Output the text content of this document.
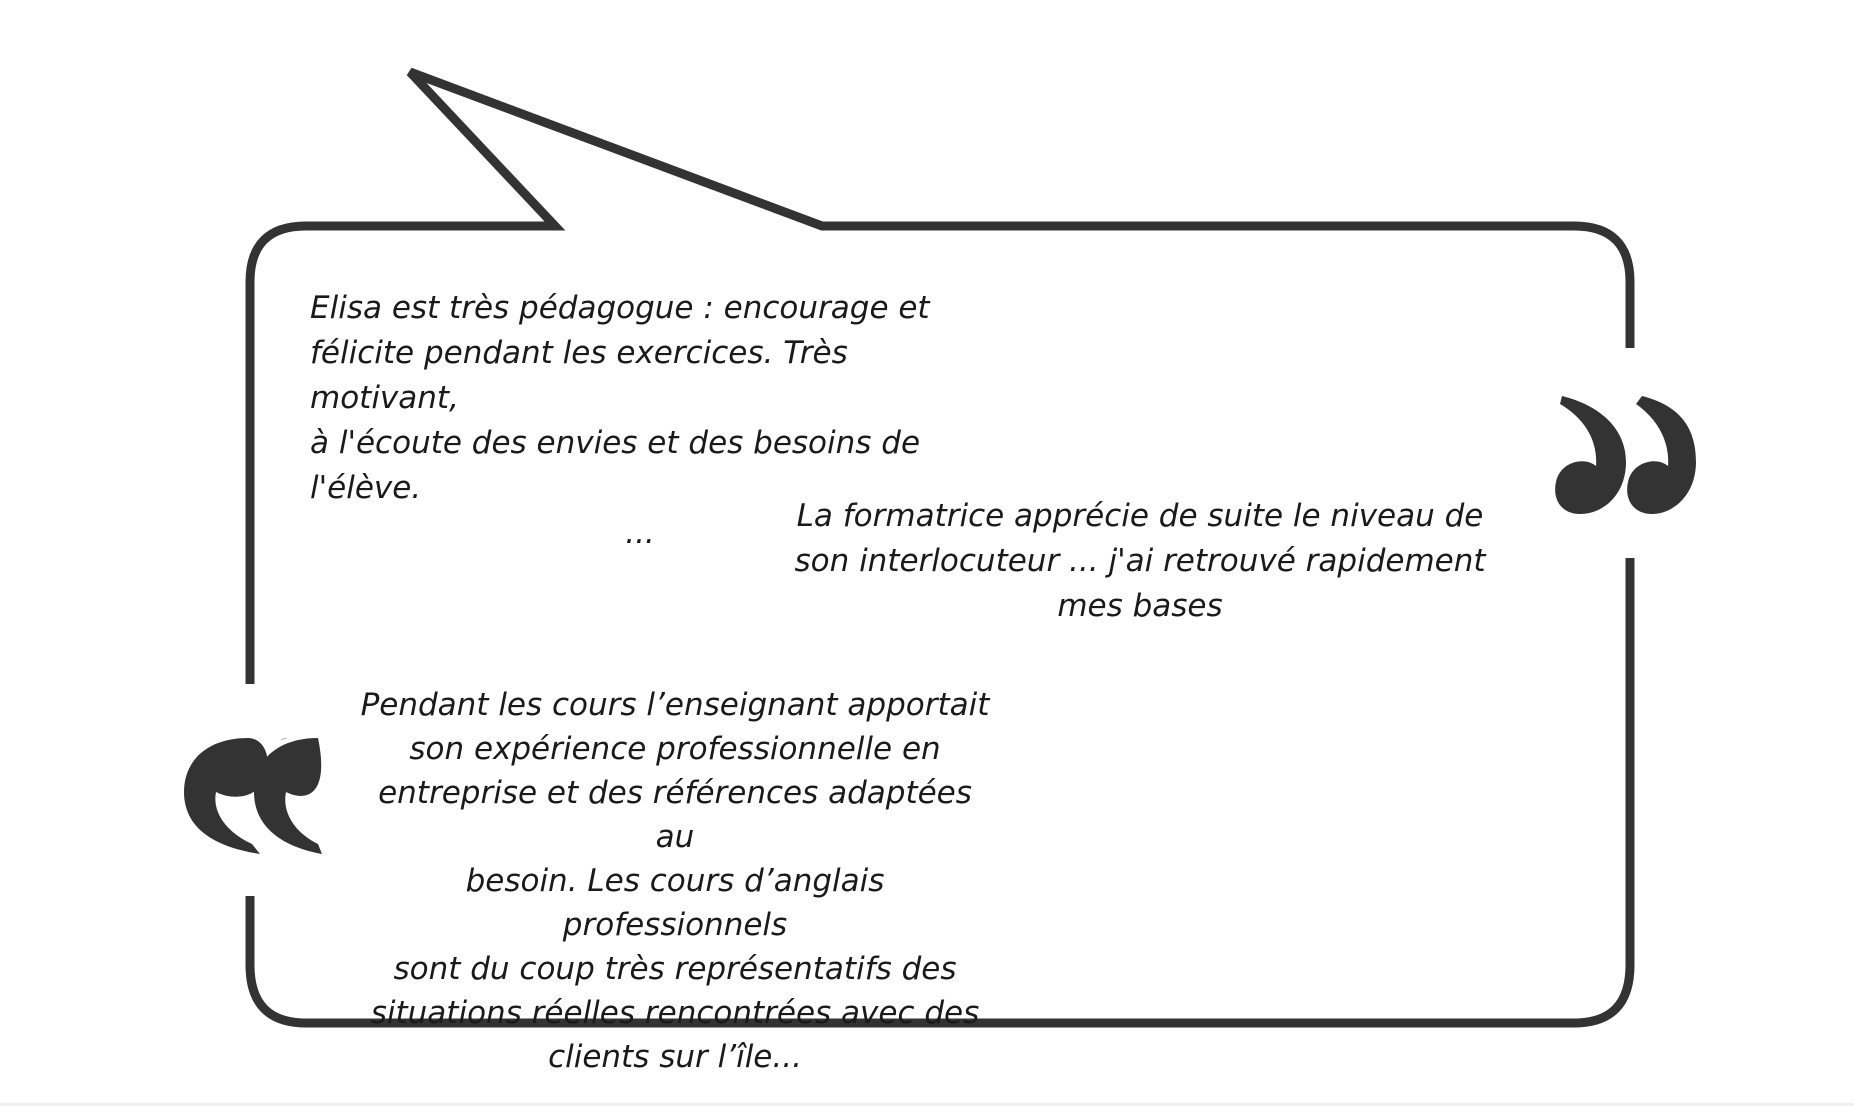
Elisa est très pédagogue : encourage et
félicite pendant les exercices. Très motivant,
à l'écoute des envies et des besoins de l'élève.
...	La formatrice apprécie de suite le niveau de
son interlocuteur ... j'ai retrouvé rapidement
mes bases

Pendant les cours l’enseignant apportait
son expérience professionnelle en
entreprise et des références adaptées au
besoin. Les cours d’anglais professionnels
sont du coup très représentatifs des
situations réelles rencontrées avec des
clients sur l’île...
